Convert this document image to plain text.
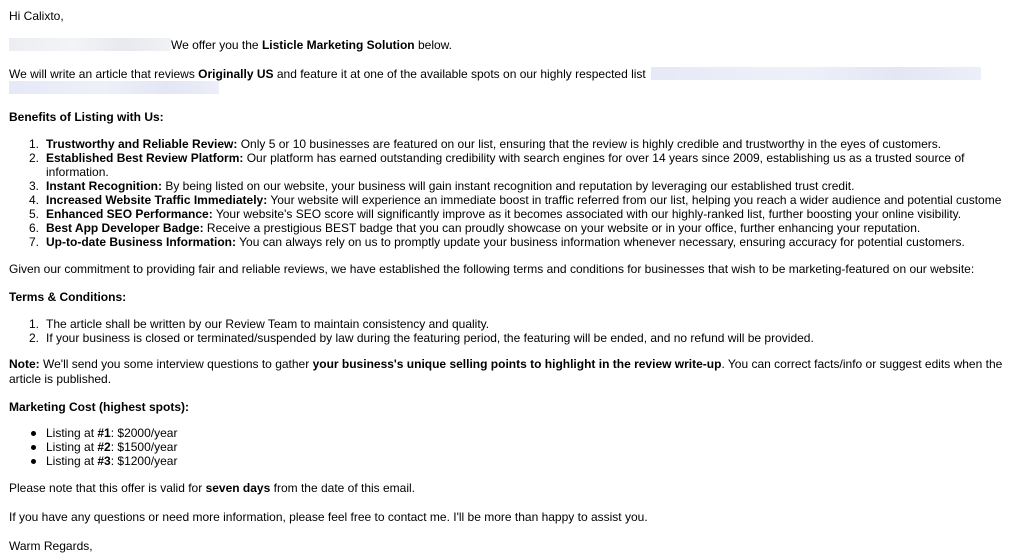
Hi Calixto,
We offer you the Listicle Marketing Solution below.
We will write an article that reviews Originally US and feature it at one of the available spots on our highly respected list
Benefits of Listing with Us:
1. Trustworthy and Reliable Review: Only 5 or 10 businesses are featured on our list, ensuring that the review is highly credible and trustworthy in the eyes of customers.
2. Established Best Review Platform: Our platform has earned outstanding credibility with search engines for over 14 years since 2009, establishing us as a trusted source of
information.
3. Instant Recognition: By being listed on our website, your business will gain instant recognition and reputation by leveraging our established trust credit.
4. Increased Website Traffic Immediately: Your website will experience an immediate boost in traffic referred from our list, helping you reach a wider audience and potential custome
5. Enhanced SEO Performance: Your website's SEO score will significantly improve as it becomes associated with our highly-ranked list, further boosting your online visibility.
6. Best App Developer Badge: Receive a prestigious BEST badge that you can proudly showcase on your website or in your office, further enhancing your reputation.
7. Up-to-date Business Information: You can always rely on us to promptly update your business information whenever necessary, ensuring accuracy for potential customers.
Given our commitment to providing fair and reliable reviews, we have established the following terms and conditions for businesses that wish to be marketing-featured on our website:
Terms & Conditions:
1. The article shall be written by our Review Team to maintain consistency and quality.
2. If your business is closed or terminated/suspended by law during the featuring period, the featuring will be ended, and no refund will be provided.
Note: We'll send you some interview questions to gather your business's unique selling points to highlight in the review write-up. You can correct facts/info or suggest edits when the
article is published.
Marketing Cost (highest spots):
Listing at #1: $2000/year
Listing at #2: $1500/year
Listing at #3: $1200/year
Please note that this offer is valid for seven days from the date of this email.
If you have any questions or need more information, please feel free to contact me. I'll be more than happy to assist you.
Warm Regards,
